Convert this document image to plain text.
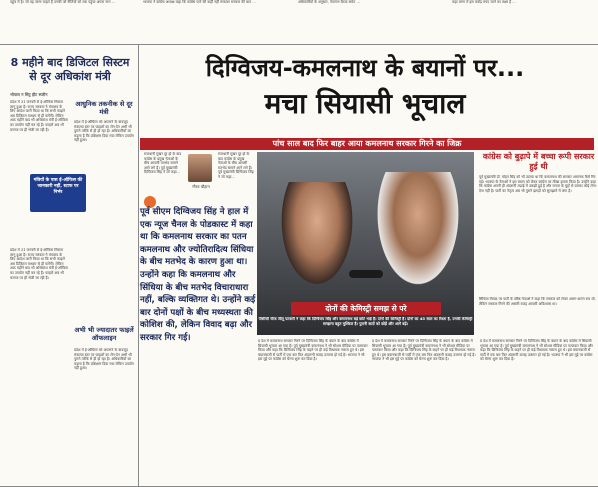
पहुंच में है। जो वह जाना चाहते हैं उनकी जो नीतियों को तक पहुंचा अपना नाम ...	भाजपा ने कांग्रेस अध्यक्ष कहा कि कांग्रेस पाने की कहीं नहीं रूककर सरकार की बात ...	अधिकारियों के अनुसार, नेतागण बैठक समेत ...	कहा चरण में इस करोड़ रुपए जाने का लक्ष्य है ...
8 महीने बाद डिजिटल सिस्टम से दूर अधिकांश मंत्री
भोपाल न सिट्र हीट स्प्लीन
प्रदेश में 31 जनवरी से ई-ऑफिस सिस्टम लागू हुआ है। राज्य सरकार ने मंत्रालय के लिए आदेश जारी किया था कि सभी फाइलें अब डिजिटल माध्यम से ही चलेंगी। लेकिन आठ महीने बाद भी अधिकांश मंत्री ई-ऑफिस का उपयोग नहीं कर रहे हैं। फाइलें अब भी कागज पर ही भेजी जा रही हैं।
आधुनिक तकनीक से दूर मंत्री
मंत्रियों के पास ई-ऑफिस की जानकारी नहीं, स्टाफ पर निर्भर
प्रदेश में ई-ऑफिस को अपनाने के बावजूद मंत्रालय स्तर पर फाइलों का लेन-देन अभी भी पुराने तरीके से ही हो रहा है। अधिकारियों का कहना है कि प्रशिक्षण दिया गया लेकिन उपयोग नहीं हुआ।
अभी भी ज्यादातर फाइलें ऑफलाइन
प्रदेश में 31 जनवरी से ई-ऑफिस सिस्टम लागू हुआ है। राज्य सरकार ने मंत्रालय के लिए आदेश जारी किया था कि सभी फाइलें अब डिजिटल माध्यम से ही चलेंगी। लेकिन आठ महीने बाद भी अधिकांश मंत्री ई-ऑफिस का उपयोग नहीं कर रहे हैं। फाइलें अब भी कागज पर ही भेजी जा रही हैं।
प्रदेश में ई-ऑफिस को अपनाने के बावजूद मंत्रालय स्तर पर फाइलों का लेन-देन अभी भी पुराने तरीके से ही हो रहा है। अधिकारियों का कहना है कि प्रशिक्षण दिया गया लेकिन उपयोग नहीं हुआ।
दिग्विजय-कमलनाथ के बयानों पर...
मचा सियासी भूचाल
पांच साल बाद फिर बाहर आया कमलनाथ सरकार गिरने का जिक्र
गौरव चौहान
राजधानी मुखर दूर हो के बाद कांग्रेस के प्रमुख नेताओं के बीच आपसी मतभेद सामने आने लगे हैं। पूर्व मुख्यमंत्री दिग्विजय सिंह ने जो कहा...
राजधानी मुखर दूर हो के बाद कांग्रेस के प्रमुख नेताओं के बीच आपसी मतभेद सामने आने लगे हैं। पूर्व मुख्यमंत्री दिग्विजय सिंह ने जो कहा...
पूर्व सीएम दिग्विजय सिंह ने हाल में एक न्यूज चैनल के पोडकास्ट में कहा था कि कमलनाथ सरकार का पतन कमलनाथ और ज्योतिरादित्य सिंधिया के बीच मतभेद के कारण हुआ था। उन्होंने कहा कि कमलनाथ और सिंधिया के बीच मतभेद विचाराधारा नहीं, बल्कि व्यक्तिगत थे। उन्होंने कई बार दोनों पक्षों के बीच मध्यस्थता की कोशिश की, लेकिन विवाद बढ़ा और सरकार गिर गई।
दोनों की केमिस्ट्री समझ से परे
पीसीसी चीफ जीतू पटवारी ने कहा कि दिग्विजय सिंह और कमलनाथ बड़े छोटे भाई हैं। दोनों की केमिस्ट्री है। दोनों का 45 साल का रिश्ता है, उनकी केमिस्ट्री समझना बहुत मुश्किल है। पुरानी बातों को छोड़ें और आगे बढ़ें।
प्र देश में कमलनाथ सरकार गिरने पर दिग्विजय सिंह के बयान के बाद कांग्रेस में सियासी भूचाल आ गया है। पूर्व मुख्यमंत्री कमलनाथ ने भी सोशल मीडिया पर पलटवार किया और कहा कि दिग्विजय सिंह के कहने पर ही कई विधायक नाराज हुए थे। इस बयानबाजी से पार्टी में एक बार फिर अंदरूनी कलह उजागर हो गई है। भाजपा ने भी इस मुद्दे पर कांग्रेस को घेरना शुरू कर दिया है।
प्र देश में कमलनाथ सरकार गिरने पर दिग्विजय सिंह के बयान के बाद कांग्रेस में सियासी भूचाल आ गया है। पूर्व मुख्यमंत्री कमलनाथ ने भी सोशल मीडिया पर पलटवार किया और कहा कि दिग्विजय सिंह के कहने पर ही कई विधायक नाराज हुए थे। इस बयानबाजी से पार्टी में एक बार फिर अंदरूनी कलह उजागर हो गई है। भाजपा ने भी इस मुद्दे पर कांग्रेस को घेरना शुरू कर दिया है।
प्र देश में कमलनाथ सरकार गिरने पर दिग्विजय सिंह के बयान के बाद कांग्रेस में सियासी भूचाल आ गया है। पूर्व मुख्यमंत्री कमलनाथ ने भी सोशल मीडिया पर पलटवार किया और कहा कि दिग्विजय सिंह के कहने पर ही कई विधायक नाराज हुए थे। इस बयानबाजी से पार्टी में एक बार फिर अंदरूनी कलह उजागर हो गई है। भाजपा ने भी इस मुद्दे पर कांग्रेस को घेरना शुरू कर दिया है।
कांग्रेस को बुढ़ापे में बच्चा रूपी सरकार हुई थी
पूर्व मुख्यमंत्री डॉ. मोहन सिंह को भी उठाया था कि कमलनाथ की सरकार अचानक कैसे गिर गई। भाजपा के नेताओं ने इस बयान को लेकर कांग्रेस पर तीखा हमला किया है। उन्होंने कहा कि कांग्रेस अपनी ही अंदरूनी लड़ाई में उलझी हुई है और जनता के मुद्दों से उसका कोई लेना-देना नहीं है। पार्टी का नेतृत्व अब भी पुराने झगड़ों को सुलझाने में लगा है।
सिंधिया विवाद पर पार्टी के वरिष्ठ नेताओं ने कहा कि सरकार को लेकर अलग-अलग राय थी, लेकिन सरकार गिरने की असली वजह आपसी अविश्वास था।
